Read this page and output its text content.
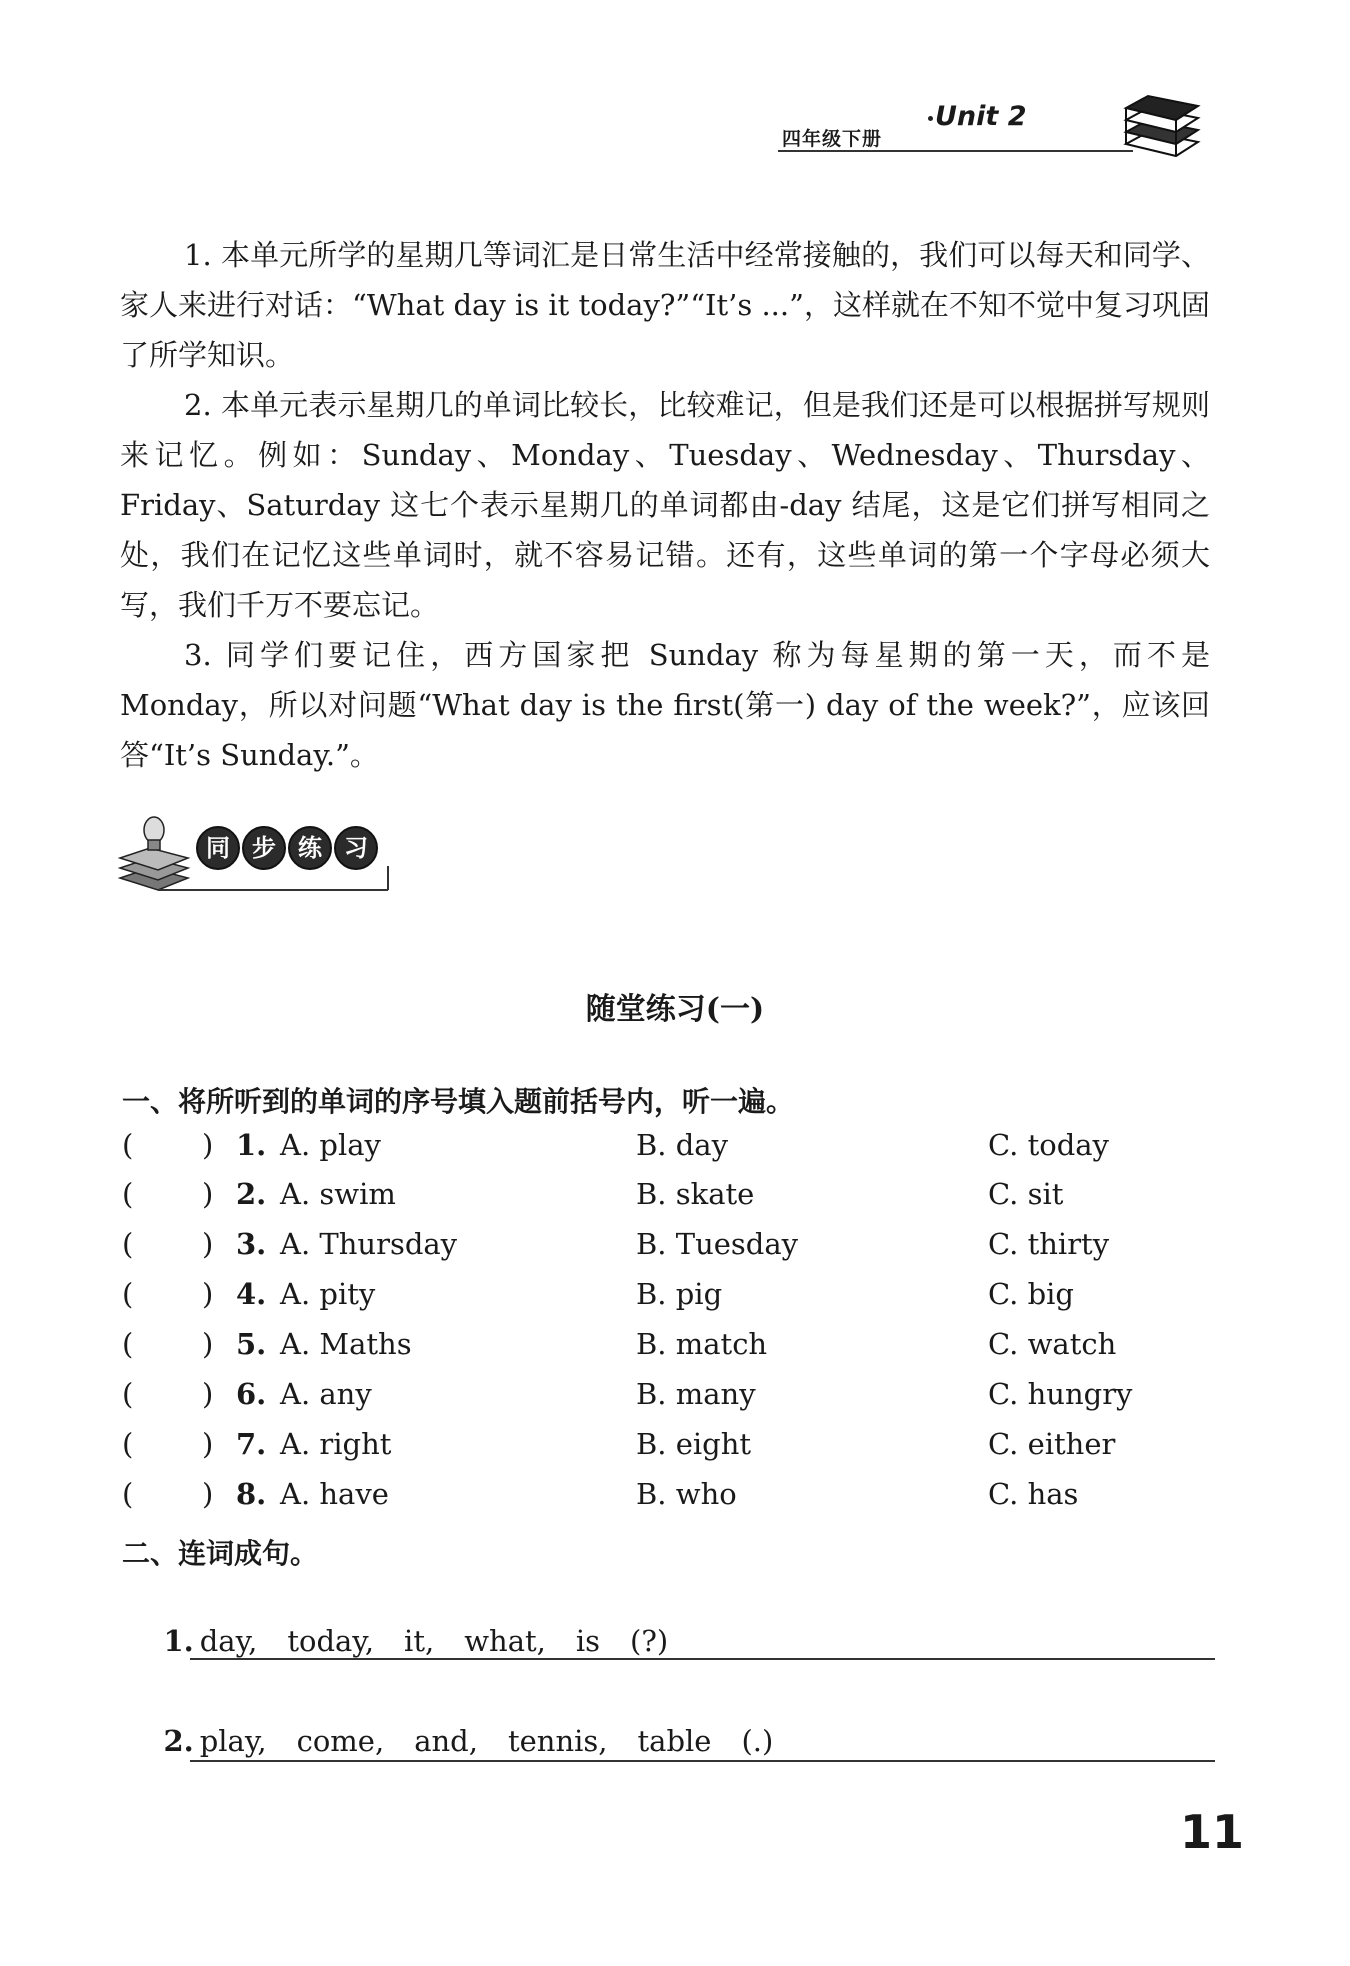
Unit 2
四年级下册

1. 本单元所学的星期几等词汇是日常生活中经常接触的，我们可以每天和同学、家人来进行对话：“What day is it today?”“It’s ...”，这样就在不知不觉中复习巩固了所学知识。

2. 本单元表示星期几的单词比较长，比较难记，但是我们还是可以根据拼写规则来记忆。例如：Sunday、Monday、Tuesday、Wednesday、Thursday、Friday、Saturday 这七个表示星期几的单词都由-day 结尾，这是它们拼写相同之处，我们在记忆这些单词时，就不容易记错。还有，这些单词的第一个字母必须大写，我们千万不要忘记。

3. 同学们要记住，西方国家把 Sunday 称为每星期的第一天，而不是 Monday，所以对问题“What day is the first(第一) day of the week?”，应该回答“It’s Sunday.”。

同 步 练 习
随堂练习(一)
一、将所听到的单词的序号填入题前括号内，听一遍。
( ) 1. A. play	B. day	C. today
( ) 2. A. swim	B. skate	C. sit
( ) 3. A. Thursday	B. Tuesday	C. thirty
( ) 4. A. pity	B. pig	C. big
( ) 5. A. Maths	B. match	C. watch
( ) 6. A. any	B. many	C. hungry
( ) 7. A. right	B. eight	C. either
( ) 8. A. have	B. who	C. has
二、连词成句。

1. day, today, it, what, is (?)

2. play, come, and, tennis, table (.)

11
